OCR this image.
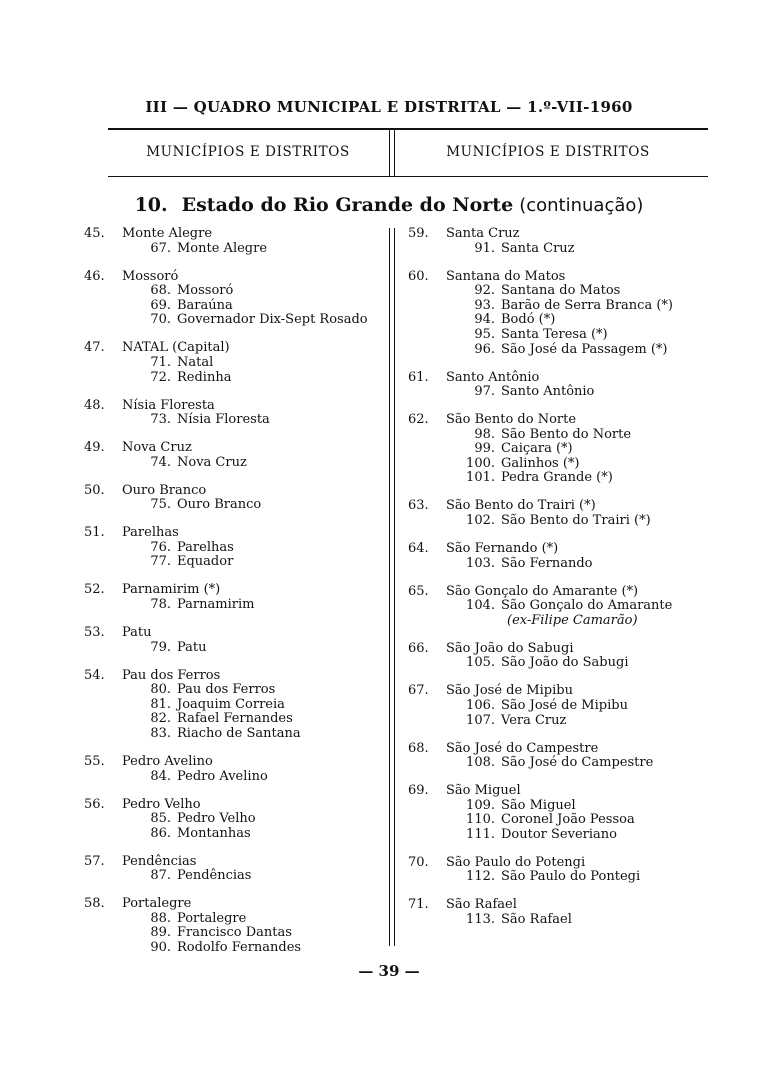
III — QUADRO MUNICIPAL E DISTRITAL — 1.º-VII-1960
MUNICÍPIOS E DISTRITOS	MUNICÍPIOS E DISTRITOS
10. Estado do Rio Grande do Norte (continuação)
45.	Monte Alegre
67. Monte Alegre
46.	Mossoró
68. Mossoró
69. Baraúna
70. Governador Dix-Sept Rosado
47.	NATAL (Capital)
71. Natal
72. Redinha
48.	Nísia Floresta
73. Nísia Floresta
49.	Nova Cruz
74. Nova Cruz
50.	Ouro Branco
75. Ouro Branco
51.	Parelhas
76. Parelhas
77. Equador
52.	Parnamirim (*)
78. Parnamirim
53.	Patu
79. Patu
54.	Pau dos Ferros
80. Pau dos Ferros
81. Joaquim Correia
82. Rafael Fernandes
83. Riacho de Santana
55.	Pedro Avelino
84. Pedro Avelino
56.	Pedro Velho
85. Pedro Velho
86. Montanhas
57.	Pendências
87. Pendências
58.	Portalegre
88. Portalegre
89. Francisco Dantas
90. Rodolfo Fernandes
59.	Santa Cruz
91. Santa Cruz
60.	Santana do Matos
92. Santana do Matos
93. Barão de Serra Branca (*)
94. Bodó (*)
95. Santa Teresa (*)
96. São José da Passagem (*)
61.	Santo Antônio
97. Santo Antônio
62.	São Bento do Norte
98. São Bento do Norte
99. Caiçara (*)
100. Galinhos (*)
101. Pedra Grande (*)
63.	São Bento do Trairi (*)
102. São Bento do Trairi (*)
64.	São Fernando (*)
103. São Fernando
65.	São Gonçalo do Amarante (*)
104. São Gonçalo do Amarante
(ex-Filipe Camarão)
66.	São João do Sabugi
105. São João do Sabugi
67.	São José de Mipibu
106. São José de Mipibu
107. Vera Cruz
68.	São José do Campestre
108. São José do Campestre
69.	São Miguel
109. São Miguel
110. Coronel João Pessoa
111. Doutor Severiano
70.	São Paulo do Potengi
112. São Paulo do Pontegi
71.	São Rafael
113. São Rafael
— 39 —
